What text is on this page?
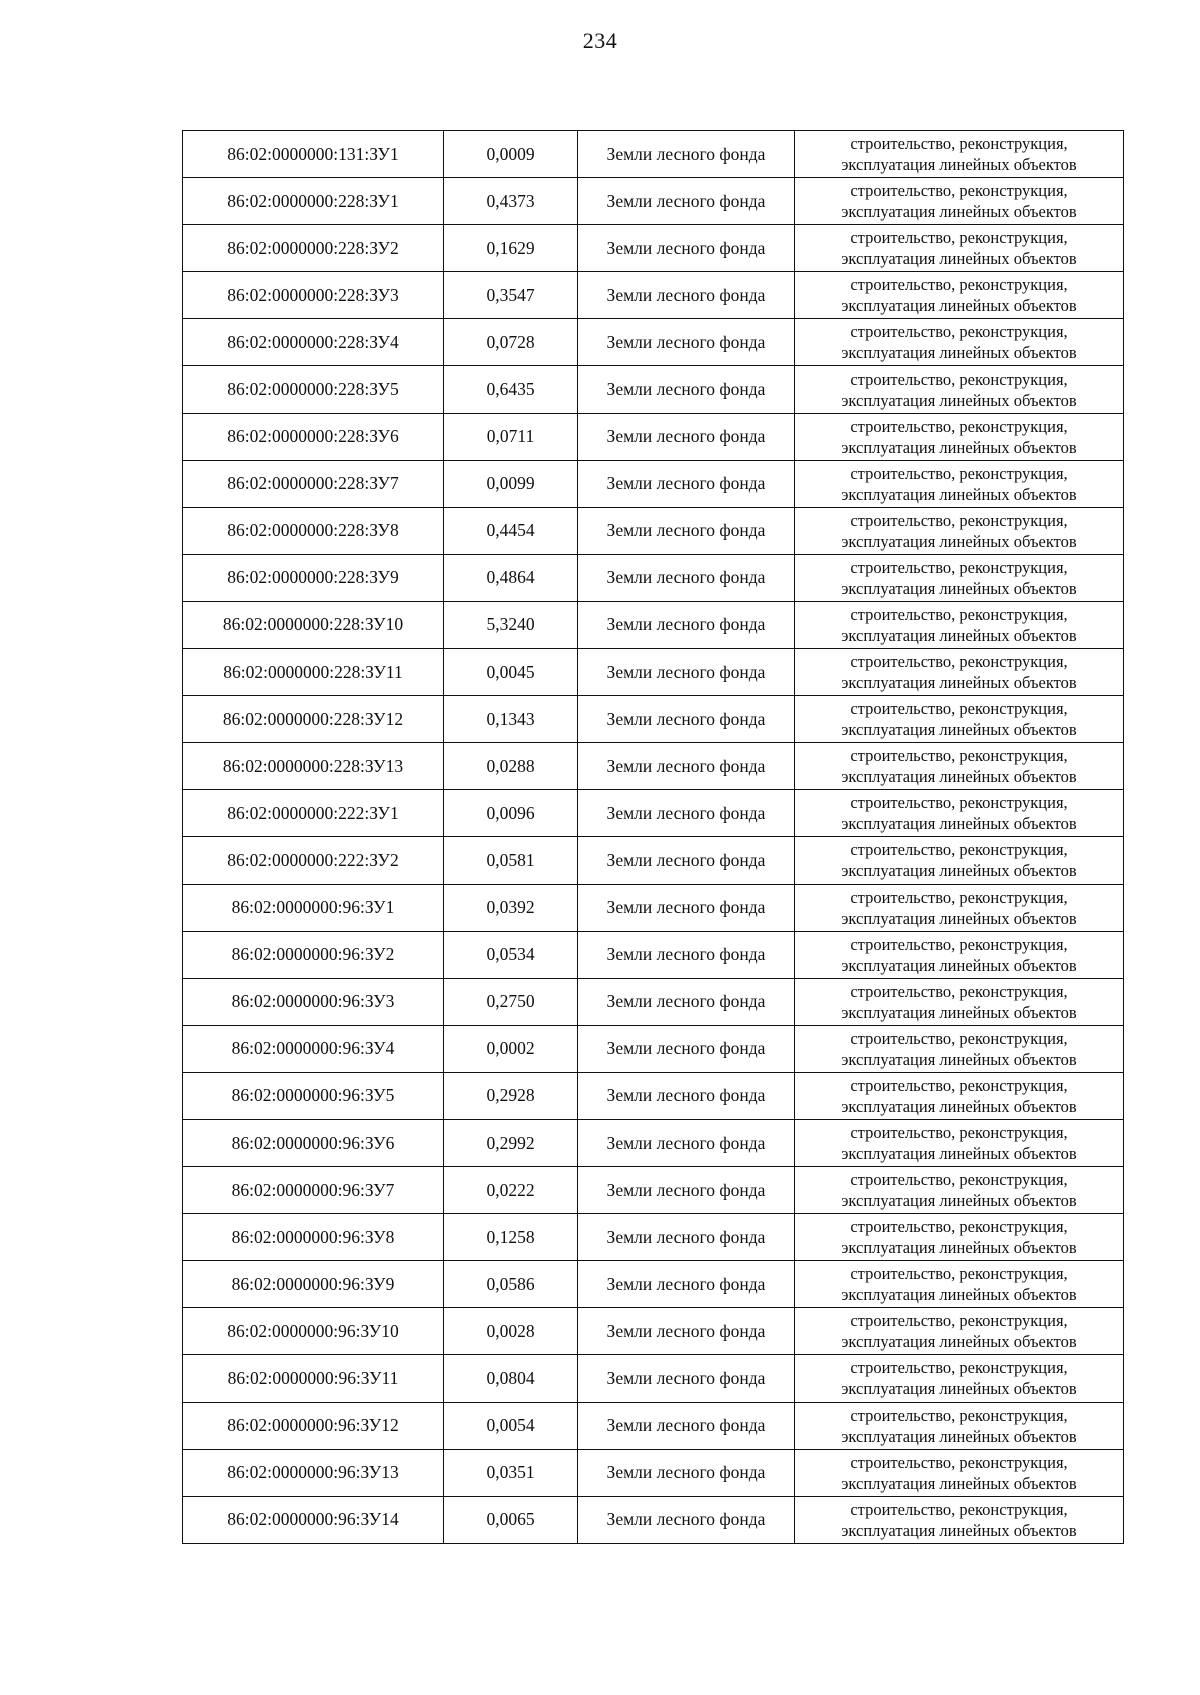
234
86:02:0000000:131:ЗУ1	0,0009	Земли лесного фонда	строительство, реконструкция,
эксплуатация линейных объектов

86:02:0000000:228:ЗУ1	0,4373	Земли лесного фонда	строительство, реконструкция,
эксплуатация линейных объектов

86:02:0000000:228:ЗУ2	0,1629	Земли лесного фонда	строительство, реконструкция,
эксплуатация линейных объектов

86:02:0000000:228:ЗУ3	0,3547	Земли лесного фонда	строительство, реконструкция,
эксплуатация линейных объектов

86:02:0000000:228:ЗУ4	0,0728	Земли лесного фонда	строительство, реконструкция,
эксплуатация линейных объектов

86:02:0000000:228:ЗУ5	0,6435	Земли лесного фонда	строительство, реконструкция,
эксплуатация линейных объектов

86:02:0000000:228:ЗУ6	0,0711	Земли лесного фонда	строительство, реконструкция,
эксплуатация линейных объектов

86:02:0000000:228:ЗУ7	0,0099	Земли лесного фонда	строительство, реконструкция,
эксплуатация линейных объектов

86:02:0000000:228:ЗУ8	0,4454	Земли лесного фонда	строительство, реконструкция,
эксплуатация линейных объектов

86:02:0000000:228:ЗУ9	0,4864	Земли лесного фонда	строительство, реконструкция,
эксплуатация линейных объектов

86:02:0000000:228:ЗУ10	5,3240	Земли лесного фонда	строительство, реконструкция,
эксплуатация линейных объектов

86:02:0000000:228:ЗУ11	0,0045	Земли лесного фонда	строительство, реконструкция,
эксплуатация линейных объектов

86:02:0000000:228:ЗУ12	0,1343	Земли лесного фонда	строительство, реконструкция,
эксплуатация линейных объектов

86:02:0000000:228:ЗУ13	0,0288	Земли лесного фонда	строительство, реконструкция,
эксплуатация линейных объектов

86:02:0000000:222:ЗУ1	0,0096	Земли лесного фонда	строительство, реконструкция,
эксплуатация линейных объектов

86:02:0000000:222:ЗУ2	0,0581	Земли лесного фонда	строительство, реконструкция,
эксплуатация линейных объектов

86:02:0000000:96:ЗУ1	0,0392	Земли лесного фонда	строительство, реконструкция,
эксплуатация линейных объектов

86:02:0000000:96:ЗУ2	0,0534	Земли лесного фонда	строительство, реконструкция,
эксплуатация линейных объектов

86:02:0000000:96:ЗУ3	0,2750	Земли лесного фонда	строительство, реконструкция,
эксплуатация линейных объектов

86:02:0000000:96:ЗУ4	0,0002	Земли лесного фонда	строительство, реконструкция,
эксплуатация линейных объектов

86:02:0000000:96:ЗУ5	0,2928	Земли лесного фонда	строительство, реконструкция,
эксплуатация линейных объектов

86:02:0000000:96:ЗУ6	0,2992	Земли лесного фонда	строительство, реконструкция,
эксплуатация линейных объектов

86:02:0000000:96:ЗУ7	0,0222	Земли лесного фонда	строительство, реконструкция,
эксплуатация линейных объектов

86:02:0000000:96:ЗУ8	0,1258	Земли лесного фонда	строительство, реконструкция,
эксплуатация линейных объектов

86:02:0000000:96:ЗУ9	0,0586	Земли лесного фонда	строительство, реконструкция,
эксплуатация линейных объектов

86:02:0000000:96:ЗУ10	0,0028	Земли лесного фонда	строительство, реконструкция,
эксплуатация линейных объектов

86:02:0000000:96:ЗУ11	0,0804	Земли лесного фонда	строительство, реконструкция,
эксплуатация линейных объектов

86:02:0000000:96:ЗУ12	0,0054	Земли лесного фонда	строительство, реконструкция,
эксплуатация линейных объектов

86:02:0000000:96:ЗУ13	0,0351	Земли лесного фонда	строительство, реконструкция,
эксплуатация линейных объектов

86:02:0000000:96:ЗУ14	0,0065	Земли лесного фонда	строительство, реконструкция,
эксплуатация линейных объектов
